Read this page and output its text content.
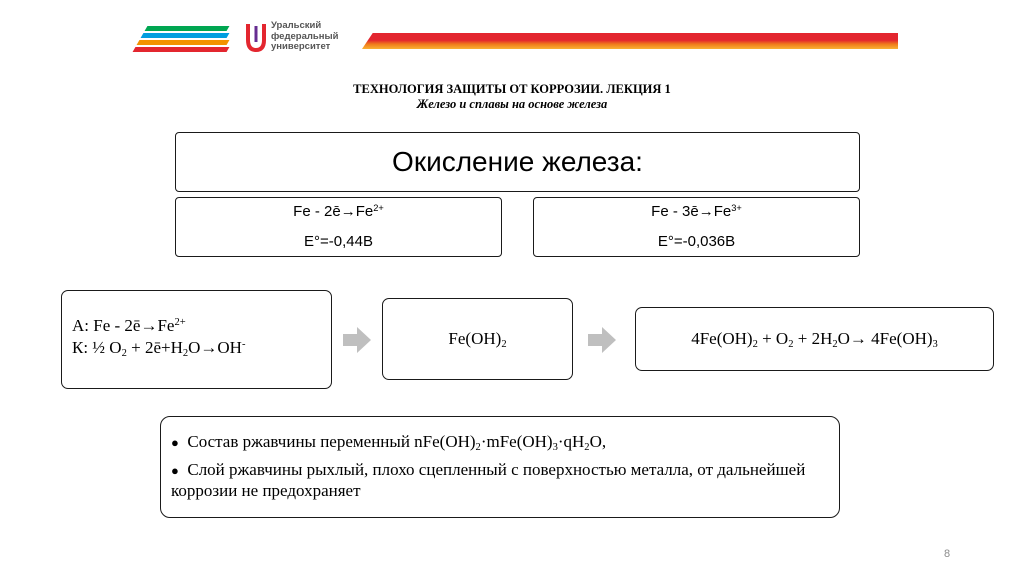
Уральский
федеральный
университет
ТЕХНОЛОГИЯ ЗАЩИТЫ ОТ КОРРОЗИИ. ЛЕКЦИЯ 1
Железо и сплавы на основе железа
Окисление железа:
$Fe - 2ē\to Fe^{2+}$
E°=-0,44В
$Fe - 3ē\to Fe^{3+}$
E°=-0,036В
А: $Fe - 2ē\to Fe^{2+}$
К: ½ $O_2$ + $2ē+H_2O\to OH^-$	$Fe(OH)_2$	$4Fe(OH)_2 + O_2 + 2H_2O\to 4Fe(OH)_3$
● Состав ржавчины переменный $nFe(OH)_2\cdot mFe(OH)_3\cdot qH_2O$,
● Слой ржавчины рыхлый, плохо сцепленный с поверхностью металла, от дальнейшей коррозии не предохраняет
8
